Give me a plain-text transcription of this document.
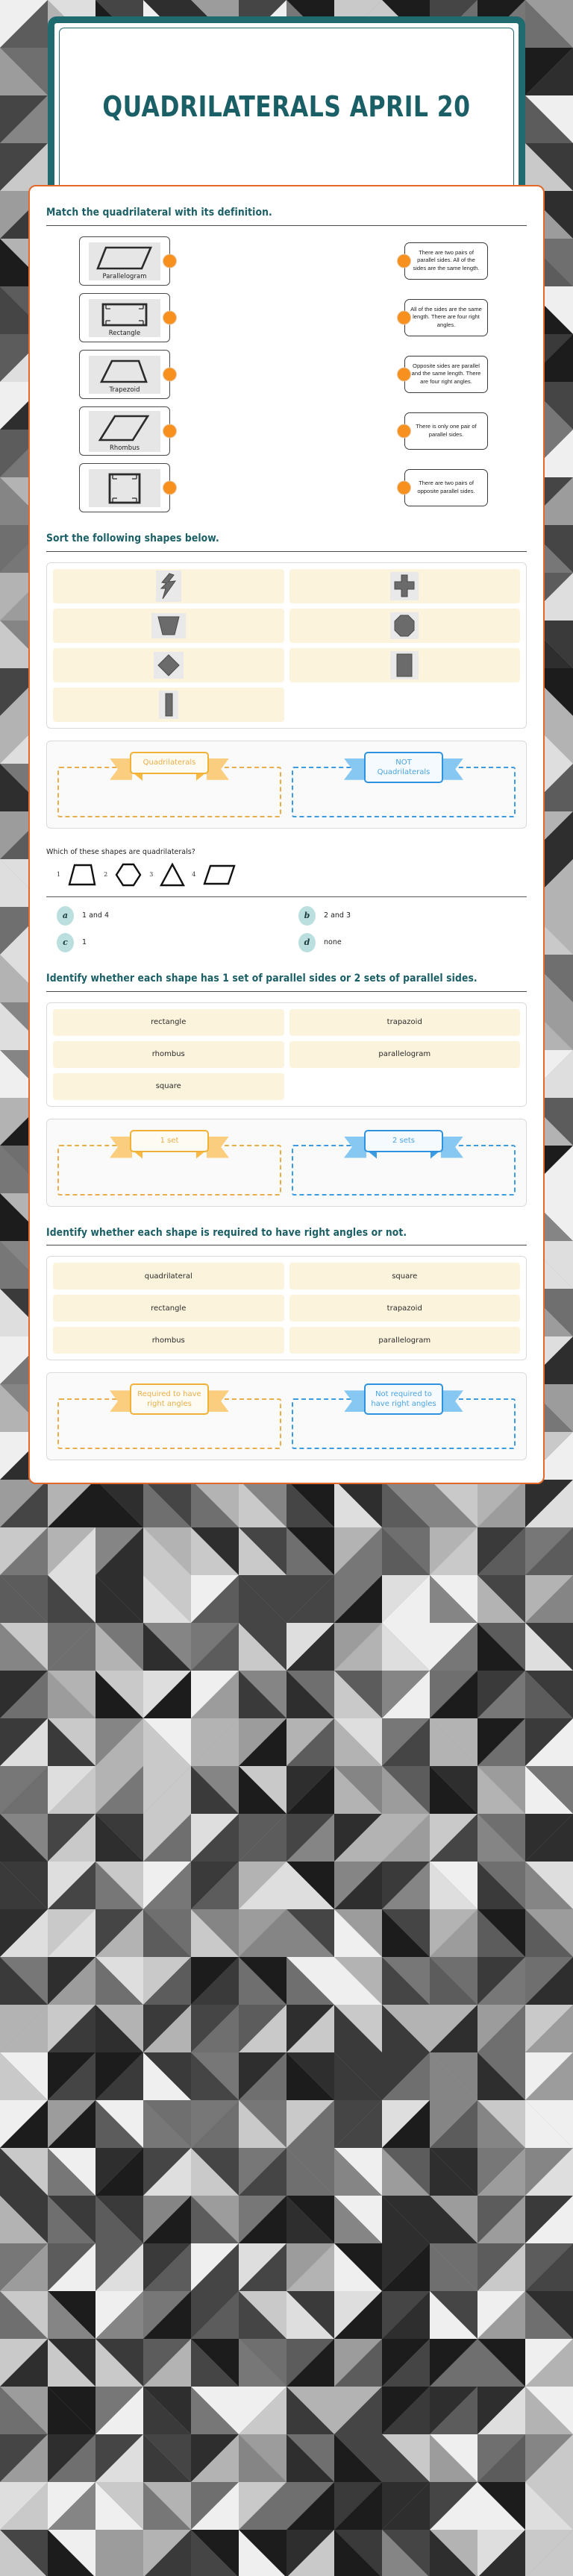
QUADRILATERALS APRIL 20
Match the quadrilateral with its definition.
Parallelogram
There are two pairs of parallel sides. All of the sides are the same length.
Rectangle
All of the sides are the same length. There are four right angles.
Trapezoid
Opposite sides are parallel and the same length. There are four right angles.
Rhombus
There is only one pair of parallel sides.
There are two pairs of opposite parallel sides.
Sort the following shapes below.
Quadrilaterals	NOT Quadrilaterals
Which of these shapes are quadrilaterals?
1	2	3	4
a	1 and 4	b	2 and 3
c	1	d	none
Identify whether each shape has 1 set of parallel sides or 2 sets of parallel sides.
rectangle	trapazoid
rhombus	parallelogram
square
1 set	2 sets
Identify whether each shape is required to have right angles or not.
quadrilateral	square
rectangle	trapazoid
rhombus	parallelogram
Required to have right angles
Not required to have right angles
